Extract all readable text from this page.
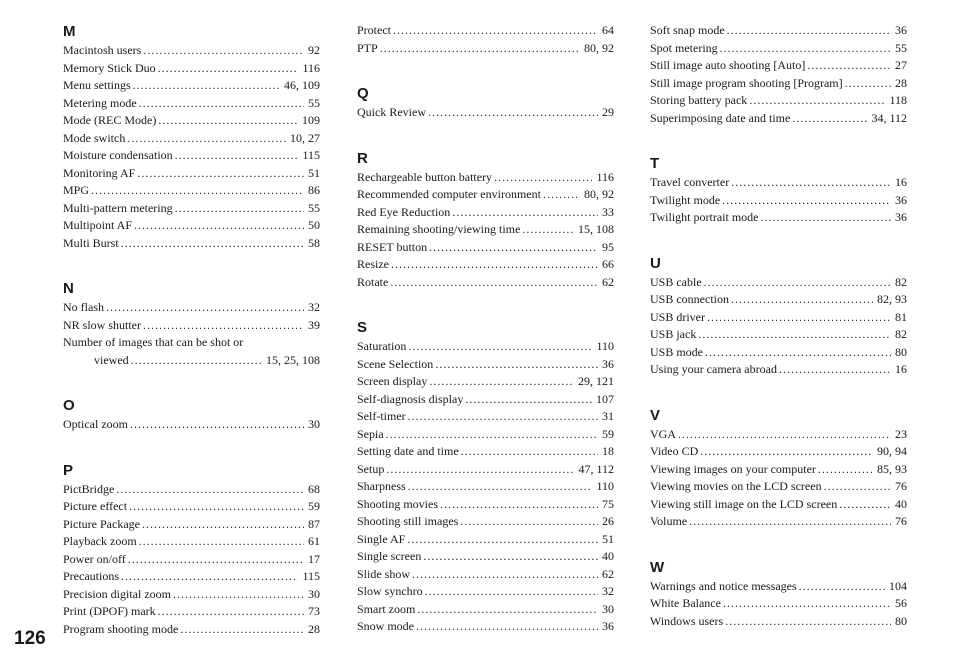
M
Macintosh users .....	92
Memory Stick Duo .....	116
Menu settings .....	46, 109
Metering mode .....	55
Mode (REC Mode) .....	109
Mode switch .....	10, 27
Moisture condensation .....	115
Monitoring AF .....	51
MPG .....	86
Multi-pattern metering .....	55
Multipoint AF .....	50
Multi Burst .....	58
N
No flash .....	32
NR slow shutter .....	39
Number of images that can be shot or
viewed .....	15, 25, 108
O
Optical zoom .....	30
P
PictBridge .....	68
Picture effect .....	59
Picture Package .....	87
Playback zoom .....	61
Power on/off .....	17
Precautions .....	115
Precision digital zoom .....	30
Print (DPOF) mark .....	73
Program shooting mode .....	28
Protect .....	64
PTP .....	80, 92
Q
Quick Review .....	29
R
Rechargeable button battery .....	116
Recommended computer environment .....	80, 92
Red Eye Reduction .....	33
Remaining shooting/viewing time .....	15, 108
RESET button .....	95
Resize .....	66
Rotate .....	62
S
Saturation .....	110
Scene Selection .....	36
Screen display .....	29, 121
Self-diagnosis display .....	107
Self-timer .....	31
Sepia .....	59
Setting date and time .....	18
Setup .....	47, 112
Sharpness .....	110
Shooting movies .....	75
Shooting still images .....	26
Single AF .....	51
Single screen .....	40
Slide show .....	62
Slow synchro .....	32
Smart zoom .....	30
Snow mode .....	36
Soft snap mode .....	36
Spot metering .....	55
Still image auto shooting [Auto] .....	27
Still image program shooting [Program] .....	28
Storing battery pack .....	118
Superimposing date and time .....	34, 112
T
Travel converter .....	16
Twilight mode .....	36
Twilight portrait mode .....	36
U
USB cable .....	82
USB connection .....	82, 93
USB driver .....	81
USB jack .....	82
USB mode .....	80
Using your camera abroad .....	16
V
VGA .....	23
Video CD .....	90, 94
Viewing images on your computer .....	85, 93
Viewing movies on the LCD screen .....	76
Viewing still image on the LCD screen .....	40
Volume .....	76
W
Warnings and notice messages .....	104
White Balance .....	56
Windows users .....	80
126
